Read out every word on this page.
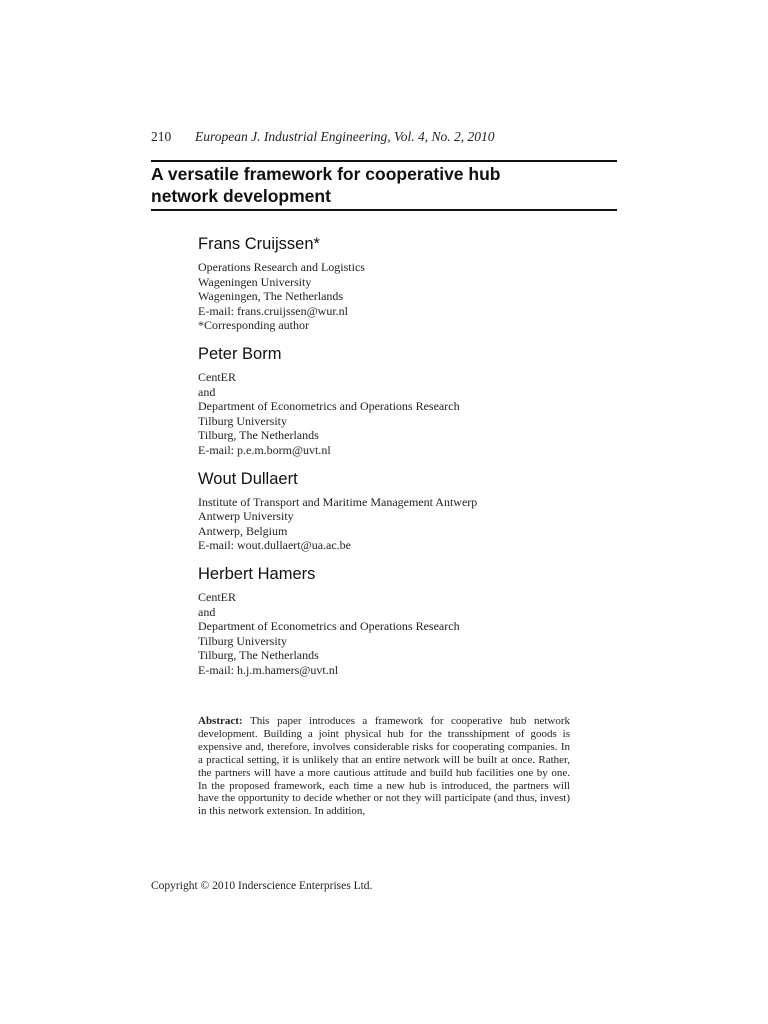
210 European J. Industrial Engineering, Vol. 4, No. 2, 2010
A versatile framework for cooperative hub
network development
Frans Cruijssen*
Operations Research and Logistics
Wageningen University
Wageningen, The Netherlands
E-mail: frans.cruijssen@wur.nl
*Corresponding author
Peter Borm
CentER
and
Department of Econometrics and Operations Research
Tilburg University
Tilburg, The Netherlands
E-mail: p.e.m.borm@uvt.nl
Wout Dullaert
Institute of Transport and Maritime Management Antwerp
Antwerp University
Antwerp, Belgium
E-mail: wout.dullaert@ua.ac.be
Herbert Hamers
CentER
and
Department of Econometrics and Operations Research
Tilburg University
Tilburg, The Netherlands
E-mail: h.j.m.hamers@uvt.nl
Abstract: This paper introduces a framework for cooperative hub network development. Building a joint physical hub for the transshipment of goods is expensive and, therefore, involves considerable risks for cooperating companies. In a practical setting, it is unlikely that an entire network will be built at once. Rather, the partners will have a more cautious attitude and build hub facilities one by one. In the proposed framework, each time a new hub is introduced, the partners will have the opportunity to decide whether or not they will participate (and thus, invest) in this network extension. In addition,
Copyright © 2010 Inderscience Enterprises Ltd.
